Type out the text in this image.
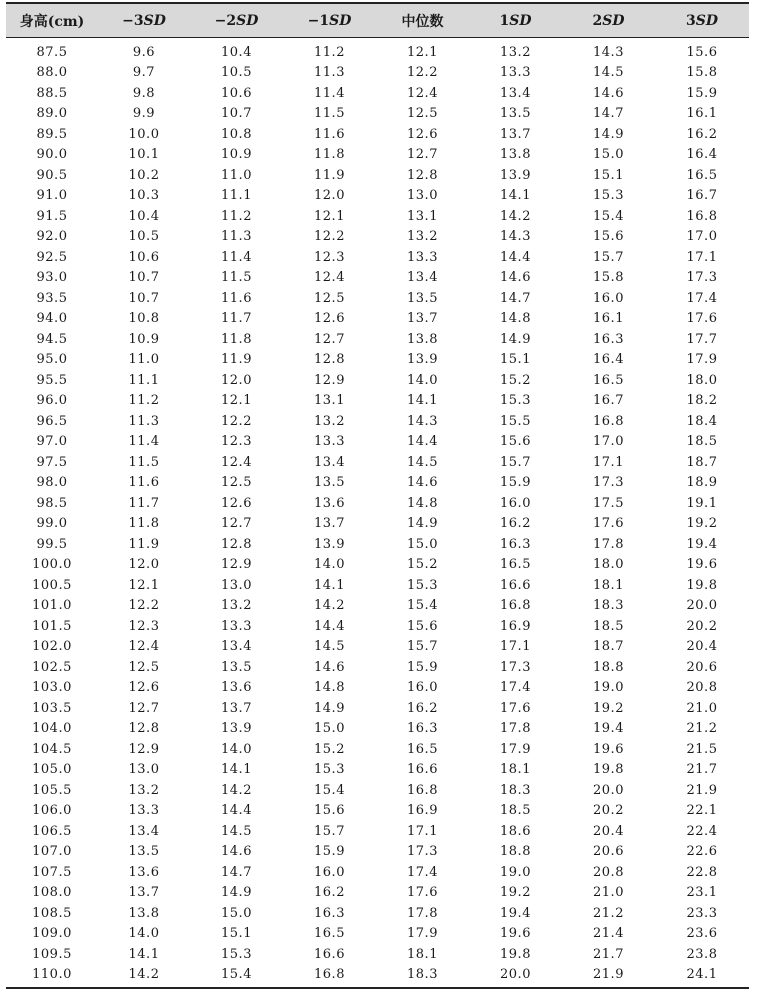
身高(cm)	−3SD	−2SD	−1SD	中位数	1SD	2SD	3SD
87.5	9.6	10.4	11.2	12.1	13.2	14.3	15.6
88.0	9.7	10.5	11.3	12.2	13.3	14.5	15.8
88.5	9.8	10.6	11.4	12.4	13.4	14.6	15.9
89.0	9.9	10.7	11.5	12.5	13.5	14.7	16.1
89.5	10.0	10.8	11.6	12.6	13.7	14.9	16.2
90.0	10.1	10.9	11.8	12.7	13.8	15.0	16.4
90.5	10.2	11.0	11.9	12.8	13.9	15.1	16.5
91.0	10.3	11.1	12.0	13.0	14.1	15.3	16.7
91.5	10.4	11.2	12.1	13.1	14.2	15.4	16.8
92.0	10.5	11.3	12.2	13.2	14.3	15.6	17.0
92.5	10.6	11.4	12.3	13.3	14.4	15.7	17.1
93.0	10.7	11.5	12.4	13.4	14.6	15.8	17.3
93.5	10.7	11.6	12.5	13.5	14.7	16.0	17.4
94.0	10.8	11.7	12.6	13.7	14.8	16.1	17.6
94.5	10.9	11.8	12.7	13.8	14.9	16.3	17.7
95.0	11.0	11.9	12.8	13.9	15.1	16.4	17.9
95.5	11.1	12.0	12.9	14.0	15.2	16.5	18.0
96.0	11.2	12.1	13.1	14.1	15.3	16.7	18.2
96.5	11.3	12.2	13.2	14.3	15.5	16.8	18.4
97.0	11.4	12.3	13.3	14.4	15.6	17.0	18.5
97.5	11.5	12.4	13.4	14.5	15.7	17.1	18.7
98.0	11.6	12.5	13.5	14.6	15.9	17.3	18.9
98.5	11.7	12.6	13.6	14.8	16.0	17.5	19.1
99.0	11.8	12.7	13.7	14.9	16.2	17.6	19.2
99.5	11.9	12.8	13.9	15.0	16.3	17.8	19.4
100.0	12.0	12.9	14.0	15.2	16.5	18.0	19.6
100.5	12.1	13.0	14.1	15.3	16.6	18.1	19.8
101.0	12.2	13.2	14.2	15.4	16.8	18.3	20.0
101.5	12.3	13.3	14.4	15.6	16.9	18.5	20.2
102.0	12.4	13.4	14.5	15.7	17.1	18.7	20.4
102.5	12.5	13.5	14.6	15.9	17.3	18.8	20.6
103.0	12.6	13.6	14.8	16.0	17.4	19.0	20.8
103.5	12.7	13.7	14.9	16.2	17.6	19.2	21.0
104.0	12.8	13.9	15.0	16.3	17.8	19.4	21.2
104.5	12.9	14.0	15.2	16.5	17.9	19.6	21.5
105.0	13.0	14.1	15.3	16.6	18.1	19.8	21.7
105.5	13.2	14.2	15.4	16.8	18.3	20.0	21.9
106.0	13.3	14.4	15.6	16.9	18.5	20.2	22.1
106.5	13.4	14.5	15.7	17.1	18.6	20.4	22.4
107.0	13.5	14.6	15.9	17.3	18.8	20.6	22.6
107.5	13.6	14.7	16.0	17.4	19.0	20.8	22.8
108.0	13.7	14.9	16.2	17.6	19.2	21.0	23.1
108.5	13.8	15.0	16.3	17.8	19.4	21.2	23.3
109.0	14.0	15.1	16.5	17.9	19.6	21.4	23.6
109.5	14.1	15.3	16.6	18.1	19.8	21.7	23.8
110.0	14.2	15.4	16.8	18.3	20.0	21.9	24.1
